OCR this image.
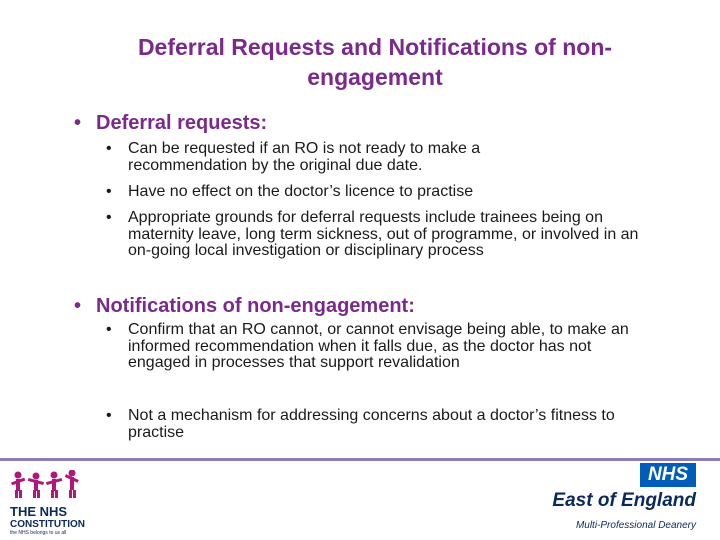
Deferral Requests and Notifications of non-engagement
• Deferral requests:
• Can be requested if an RO is not ready to make a recommendation by the original due date.
• Have no effect on the doctor’s licence to practise
• Appropriate grounds for deferral requests include trainees being on maternity leave, long term sickness, out of programme, or involved in an on-going local investigation or disciplinary process
• Notifications of non-engagement:
• Confirm that an RO cannot, or cannot envisage being able, to make an informed recommendation when it falls due, as the doctor has not engaged in processes that support revalidation
• Not a mechanism for addressing concerns about a doctor’s fitness to practise
THE NHS
CONSTITUTION
the NHS belongs to us all
NHS
East of England
Multi-Professional Deanery
